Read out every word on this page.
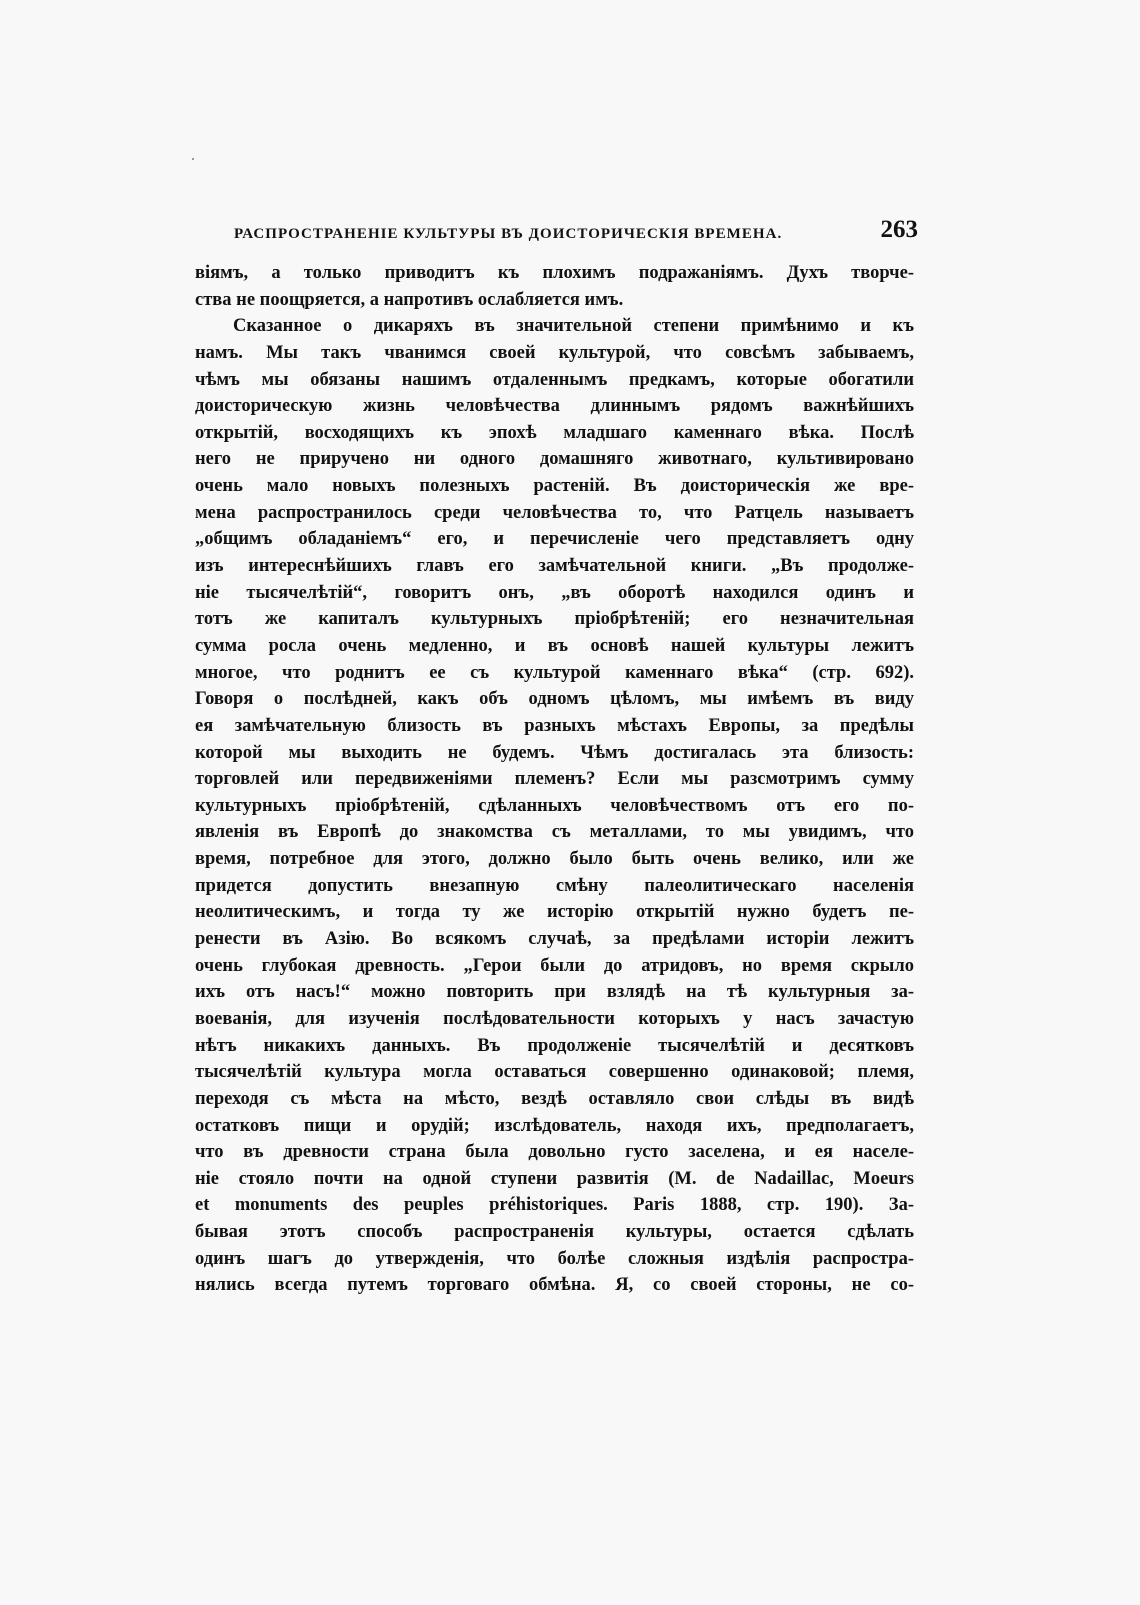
РАСПРОСТРАНЕНІЕ КУЛЬТУРЫ ВЪ ДОИСТОРИЧЕСКІЯ ВРЕМЕНА.	263
віямъ, а только приводитъ къ плохимъ подражаніямъ. Духъ творче-
ства не поощряется, а напротивъ ослабляется имъ.
Сказанное о дикаряхъ въ значительной степени примѣнимо и къ
намъ. Мы такъ чванимся своей культурой, что совсѣмъ забываемъ,
чѣмъ мы обязаны нашимъ отдаленнымъ предкамъ, которые обогатили
доисторическую жизнь человѣчества длиннымъ рядомъ важнѣйшихъ
открытій, восходящихъ къ эпохѣ младшаго каменнаго вѣка. Послѣ
него не приручено ни одного домашняго животнаго, культивировано
очень мало новыхъ полезныхъ растеній. Въ доисторическія же вре-
мена распространилось среди человѣчества то, что Ратцель называетъ
„общимъ обладаніемъ“ его, и перечисленіе чего представляетъ одну
изъ интереснѣйшихъ главъ его замѣчательной книги. „Въ продолже-
ніе тысячелѣтій“, говоритъ онъ, „въ оборотѣ находился одинъ и
тотъ же капиталъ культурныхъ пріобрѣтеній; его незначительная
сумма росла очень медленно, и въ основѣ нашей культуры лежитъ
многое, что роднитъ ее съ культурой каменнаго вѣка“ (стр. 692).
Говоря о послѣдней, какъ объ одномъ цѣломъ, мы имѣемъ въ виду
ея замѣчательную близость въ разныхъ мѣстахъ Европы, за предѣлы
которой мы выходить не будемъ. Чѣмъ достигалась эта близость:
торговлей или передвиженіями племенъ? Если мы разсмотримъ сумму
культурныхъ пріобрѣтеній, сдѣланныхъ человѣчествомъ отъ его по-
явленія въ Европѣ до знакомства съ металлами, то мы увидимъ, что
время, потребное для этого, должно было быть очень велико, или же
придется допустить внезапную смѣну палеолитическаго населенія
неолитическимъ, и тогда ту же исторію открытій нужно будетъ пе-
ренести въ Азію. Во всякомъ случаѣ, за предѣлами исторіи лежитъ
очень глубокая древность. „Герои были до атридовъ, но время скрыло
ихъ отъ насъ!“ можно повторить при взлядѣ на тѣ культурныя за-
воеванія, для изученія послѣдовательности которыхъ у насъ зачастую
нѣтъ никакихъ данныхъ. Въ продолженіе тысячелѣтій и десятковъ
тысячелѣтій культура могла оставаться совершенно одинаковой; племя,
переходя съ мѣста на мѣсто, вездѣ оставляло свои слѣды въ видѣ
остатковъ пищи и орудій; изслѣдователь, находя ихъ, предполагаетъ,
что въ древности страна была довольно густо заселена, и ея населе-
ніе стояло почти на одной ступени развитія (M. de Nadaillac, Moeurs
et monuments des peuples préhistoriques. Paris 1888, стр. 190). За-
бывая этотъ способъ распространенія культуры, остается сдѣлать
одинъ шагъ до утвержденія, что болѣе сложныя издѣлія распростра-
нялись всегда путемъ торговаго обмѣна. Я, со своей стороны, не со-
